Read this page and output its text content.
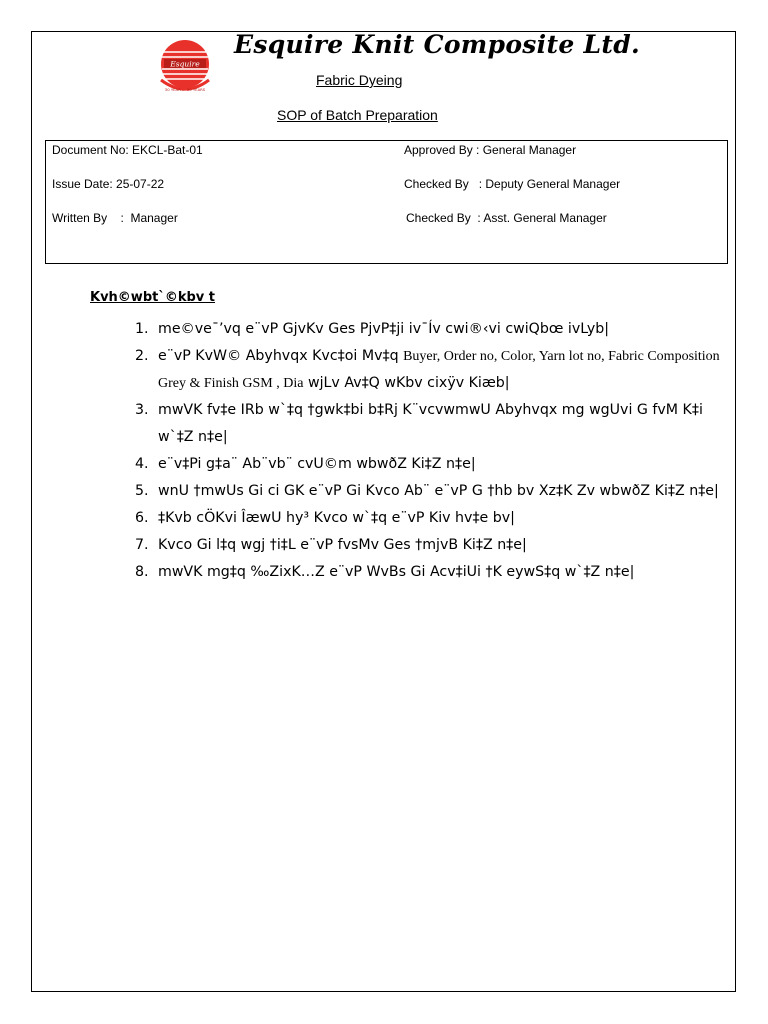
Esquire
30 YEAR ... 30 YEARS
Esquire Knit Composite Ltd.
Fabric Dyeing
SOP of Batch Preparation
Document No: EKCL-Bat-01
Issue Date: 25-07-22
Written By    :  Manager
Approved By : General Manager
Checked By   : Deputy General Manager
Checked By  : Asst. General Manager
Kvh©wbt`©kbv t
1. me©ve¯’vq e¨vP GjvKv Ges PjvP‡ji iv¯Ív cwi®‹vi cwiQbœ ivLyb|
2. e¨vP KvW© Abyhvqx Kvc‡oi Mv‡q Buyer, Order no, Color, Yarn lot no, Fabric Composition Grey & Finish GSM , Dia wjLv Av‡Q wKbv cixÿv Kiæb|
3. mwVK fv‡e IRb w`‡q †gwk‡bi b‡Rj K¨vcvwmwU Abyhvqx mg wgUvi G fvM K‡i w`‡Z n‡e|
4. e¨v‡Pi g‡a¨ Ab¨vb¨ cvU©m wbwðZ Ki‡Z n‡e|
5. wnU †mwUs Gi ci GK e¨vP Gi Kvco Ab¨ e¨vP G †hb bv Xz‡K Zv wbwðZ Ki‡Z n‡e|
6. ‡Kvb cÖKvi ÎæwU hy³ Kvco w`‡q e¨vP Kiv hv‡e bv|
7. Kvco Gi l‡q wgj †i‡L e¨vP fvsMv Ges †mjvB Ki‡Z n‡e|
8. mwVK mg‡q ‰ZixK…Z e¨vP WvBs Gi Acv‡iUi †K eywS‡q w`‡Z n‡e|
